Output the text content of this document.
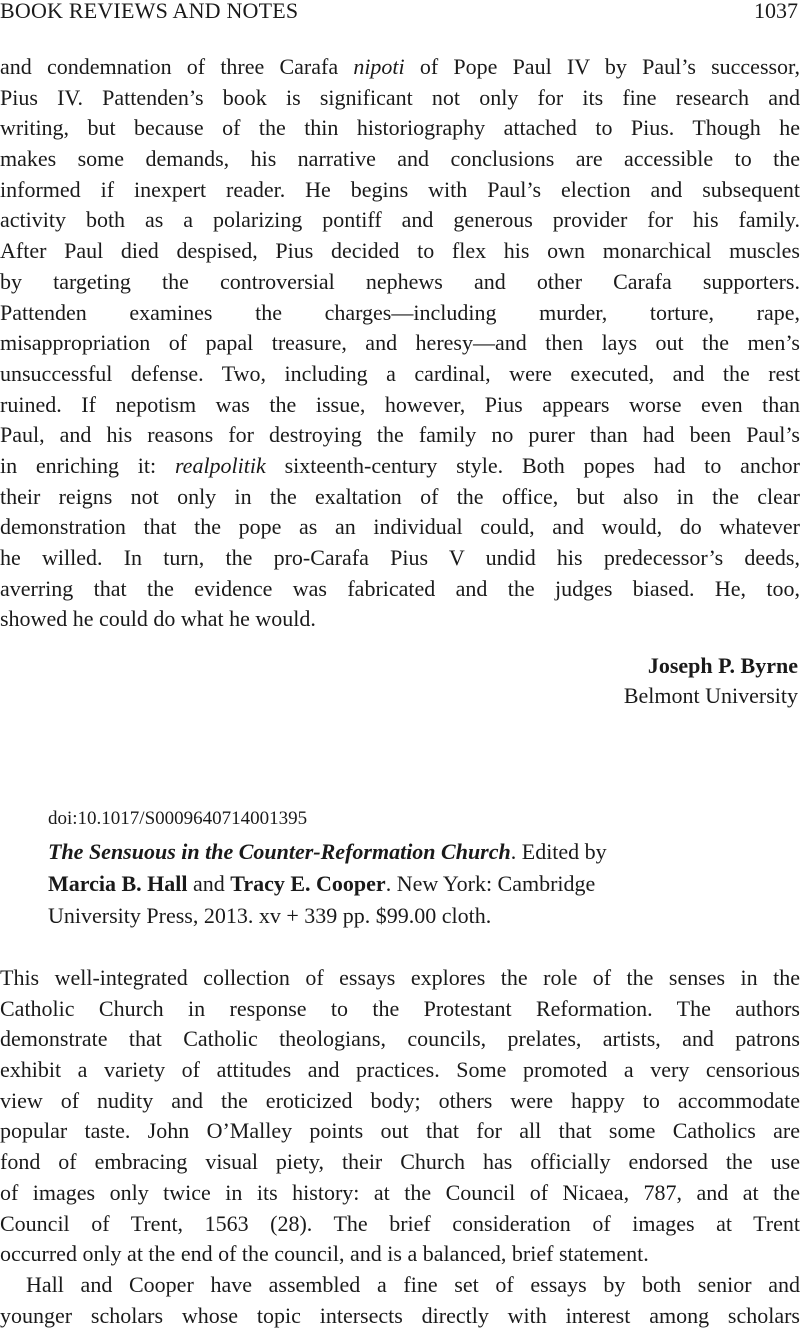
BOOK REVIEWS AND NOTES	1037
and condemnation of three Carafa nipoti of Pope Paul IV by Paul’s successor,
Pius IV. Pattenden’s book is significant not only for its fine research and
writing, but because of the thin historiography attached to Pius. Though he
makes some demands, his narrative and conclusions are accessible to the
informed if inexpert reader. He begins with Paul’s election and subsequent
activity both as a polarizing pontiff and generous provider for his family.
After Paul died despised, Pius decided to flex his own monarchical muscles
by targeting the controversial nephews and other Carafa supporters.
Pattenden examines the charges—including murder, torture, rape,
misappropriation of papal treasure, and heresy—and then lays out the men’s
unsuccessful defense. Two, including a cardinal, were executed, and the rest
ruined. If nepotism was the issue, however, Pius appears worse even than
Paul, and his reasons for destroying the family no purer than had been Paul’s
in enriching it: realpolitik sixteenth-century style. Both popes had to anchor
their reigns not only in the exaltation of the office, but also in the clear
demonstration that the pope as an individual could, and would, do whatever
he willed. In turn, the pro-Carafa Pius V undid his predecessor’s deeds,
averring that the evidence was fabricated and the judges biased. He, too,
showed he could do what he would.
Joseph P. Byrne
Belmont University
doi:10.1017/S0009640714001395
The Sensuous in the Counter-Reformation Church. Edited by
Marcia B. Hall and Tracy E. Cooper. New York: Cambridge
University Press, 2013. xv + 339 pp. $99.00 cloth.
This well-integrated collection of essays explores the role of the senses in the
Catholic Church in response to the Protestant Reformation. The authors
demonstrate that Catholic theologians, councils, prelates, artists, and patrons
exhibit a variety of attitudes and practices. Some promoted a very censorious
view of nudity and the eroticized body; others were happy to accommodate
popular taste. John O’Malley points out that for all that some Catholics are
fond of embracing visual piety, their Church has officially endorsed the use
of images only twice in its history: at the Council of Nicaea, 787, and at the
Council of Trent, 1563 (28). The brief consideration of images at Trent
occurred only at the end of the council, and is a balanced, brief statement.
Hall and Cooper have assembled a fine set of essays by both senior and
younger scholars whose topic intersects directly with interest among scholars
